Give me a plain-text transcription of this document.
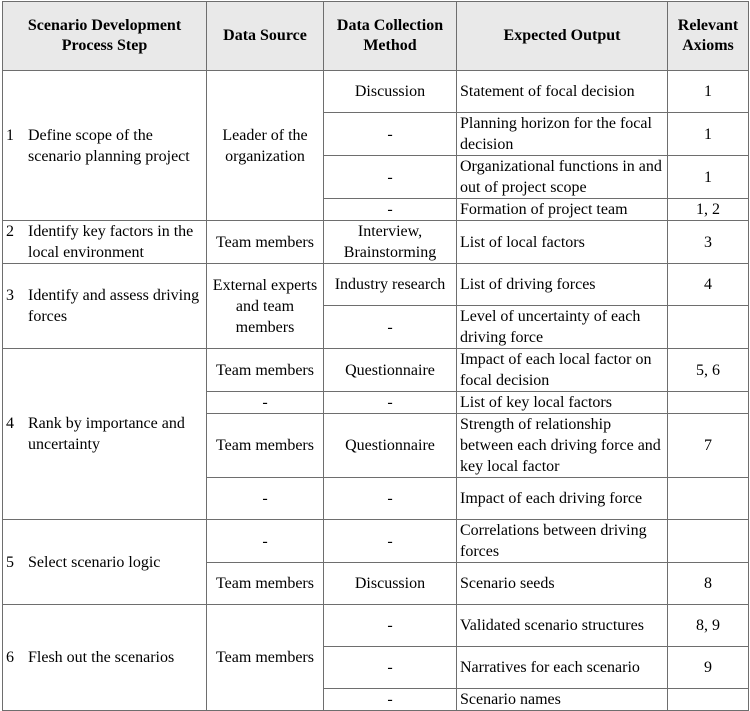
Scenario Development Process Step	Data Source	Data Collection Method	Expected Output	Relevant Axioms
1 Define scope of the scenario planning project	Leader of the organization	Discussion	Statement of focal decision	1
		-	Planning horizon for the focal decision	1
		-	Organizational functions in and out of project scope	1
		-	Formation of project team	1, 2
2 Identify key factors in the local environment	Team members	Interview, Brainstorming	List of local factors	3
3 Identify and assess driving forces	External experts and team members	Industry research	List of driving forces	4
		-	Level of uncertainty of each driving force	
4 Rank by importance and uncertainty	Team members	Questionnaire	Impact of each local factor on focal decision	5, 6
	-	-	List of key local factors	
	Team members	Questionnaire	Strength of relationship between each driving force and key local factor	7
	-	-	Impact of each driving force	
5 Select scenario logic	-	-	Correlations between driving forces	
	Team members	Discussion	Scenario seeds	8
6 Flesh out the scenarios	Team members	-	Validated scenario structures	8, 9
		-	Narratives for each scenario	9
		-	Scenario names	
